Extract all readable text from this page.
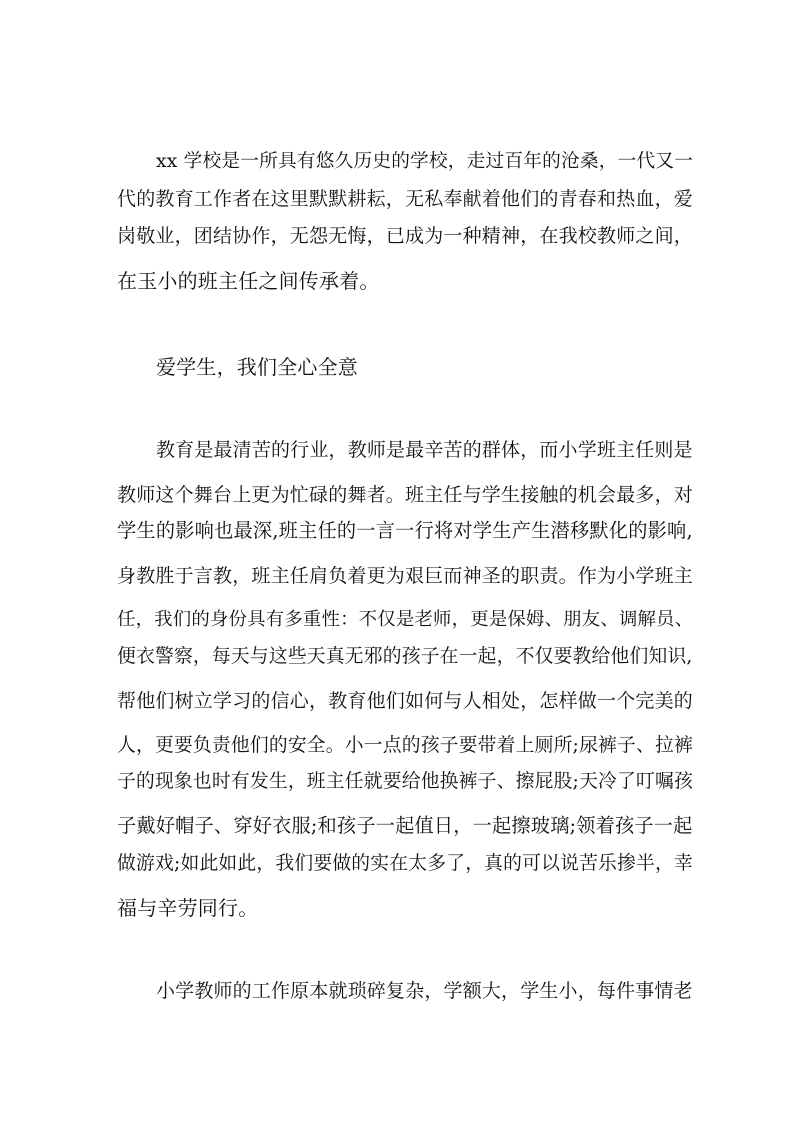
xx 学校是一所具有悠久历史的学校，走过百年的沧桑，一代又一
代的教育工作者在这里默默耕耘，无私奉献着他们的青春和热血，爱
岗敬业，团结协作，无怨无悔，已成为一种精神，在我校教师之间，
在玉小的班主任之间传承着。
爱学生，我们全心全意
教育是最清苦的行业，教师是最辛苦的群体，而小学班主任则是
教师这个舞台上更为忙碌的舞者。班主任与学生接触的机会最多，对
学生的影响也最深,班主任的一言一行将对学生产生潜移默化的影响,
身教胜于言教，班主任肩负着更为艰巨而神圣的职责。作为小学班主
任，我们的身份具有多重性：不仅是老师，更是保姆、朋友、调解员、
便衣警察，每天与这些天真无邪的孩子在一起，不仅要教给他们知识,
帮他们树立学习的信心，教育他们如何与人相处，怎样做一个完美的
人，更要负责他们的安全。小一点的孩子要带着上厕所;尿裤子、拉裤
子的现象也时有发生，班主任就要给他换裤子、擦屁股;天冷了叮嘱孩
子戴好帽子、穿好衣服;和孩子一起值日，一起擦玻璃;领着孩子一起
做游戏;如此如此，我们要做的实在太多了，真的可以说苦乐掺半，幸
福与辛劳同行。
小学教师的工作原本就琐碎复杂，学额大，学生小，每件事情老
